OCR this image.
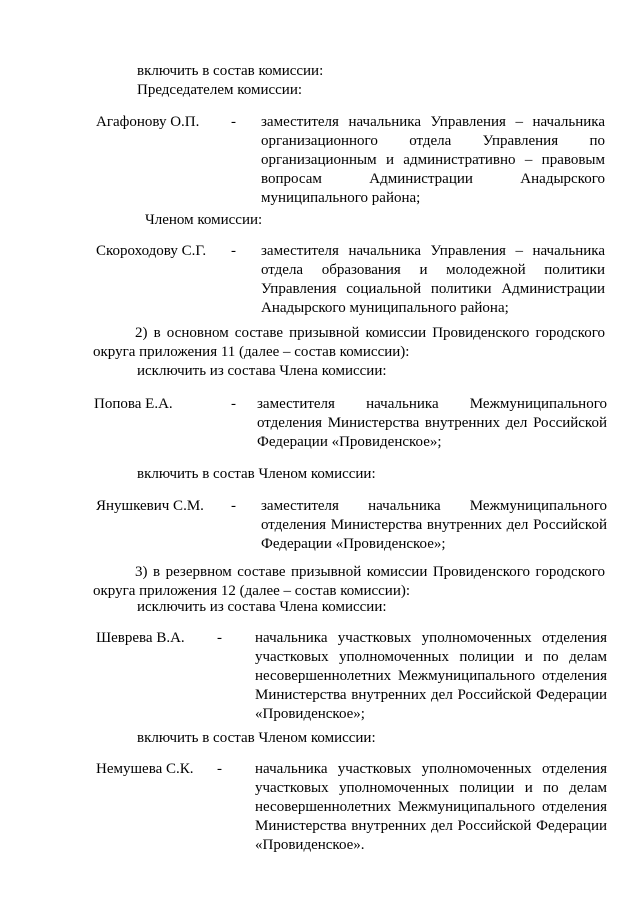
включить в состав комиссии:
Председателем комиссии:
Агафонову О.П. - заместителя начальника Управления – начальника
организационного отдела Управления по
организационным и административно – правовым
вопросам Администрации Анадырского
муниципального района;
Членом комиссии:
Скороходову С.Г. - заместителя начальника Управления – начальника
отдела образования и молодежной политики
Управления социальной политики Администрации
Анадырского муниципального района;
2) в основном составе призывной комиссии Провиденского городского
округа приложения 11 (далее – состав комиссии):
исключить из состава Члена комиссии:
Попова Е.А.	- заместителя начальника Межмуниципального
отделения Министерства внутренних дел Российской
Федерации «Провиденское»;
включить в состав Членом комиссии:
Янушкевич С.М. - заместителя начальника Межмуниципального
отделения Министерства внутренних дел Российской
Федерации «Провиденское»;
3) в резервном составе призывной комиссии Провиденского городского
округа приложения 12 (далее – состав комиссии):
исключить из состава Члена комиссии:
Шеврева В.А. - начальника участковых уполномоченных отделения
участковых уполномоченных полиции и по делам
несовершеннолетних Межмуниципального отделения
Министерства внутренних дел Российской Федерации
«Провиденское»;
включить в состав Членом комиссии:
Немушева С.К. - начальника участковых уполномоченных отделения
участковых уполномоченных полиции и по делам
несовершеннолетних Межмуниципального отделения
Министерства внутренних дел Российской Федерации
«Провиденское».
